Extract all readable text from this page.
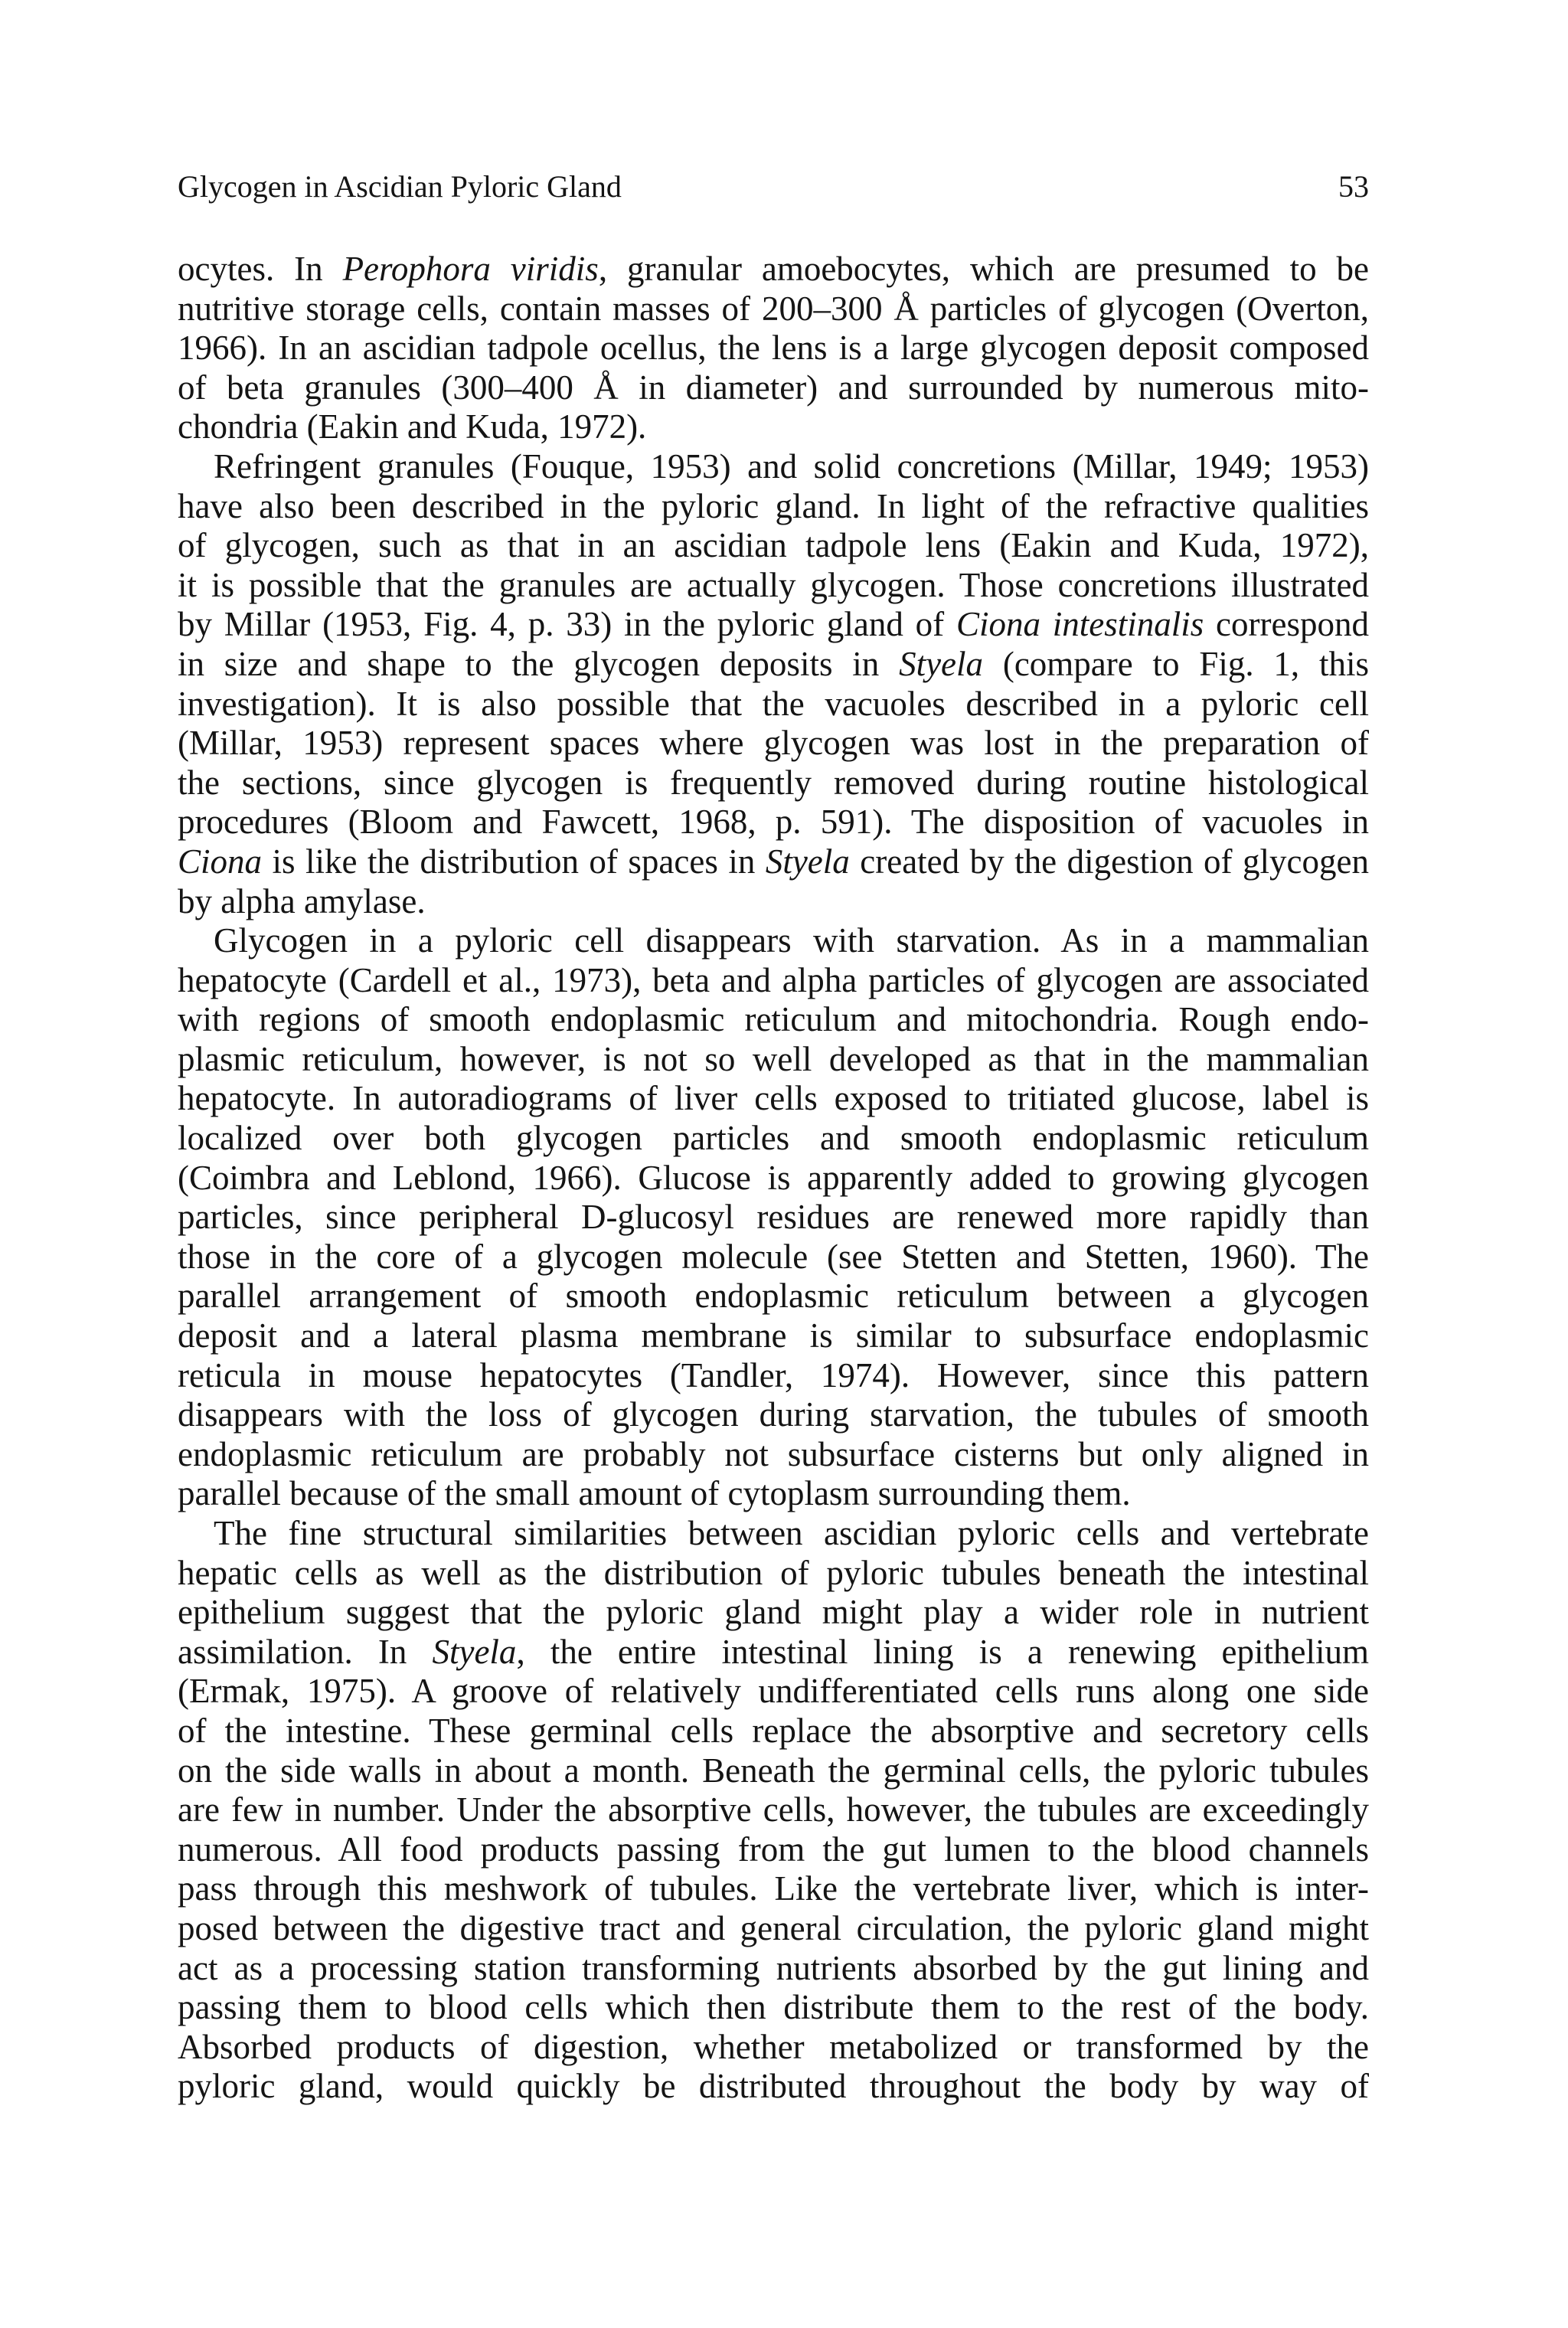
Glycogen in Ascidian Pyloric Gland	53
ocytes. In Perophora viridis, granular amoebocytes, which are presumed to be
nutritive storage cells, contain masses of 200–300 Å particles of glycogen (Overton,
1966). In an ascidian tadpole ocellus, the lens is a large glycogen deposit composed
of beta granules (300–400 Å in diameter) and surrounded by numerous mito-
chondria (Eakin and Kuda, 1972).
Refringent granules (Fouque, 1953) and solid concretions (Millar, 1949; 1953)
have also been described in the pyloric gland. In light of the refractive qualities
of glycogen, such as that in an ascidian tadpole lens (Eakin and Kuda, 1972),
it is possible that the granules are actually glycogen. Those concretions illustrated
by Millar (1953, Fig. 4, p. 33) in the pyloric gland of Ciona intestinalis correspond
in size and shape to the glycogen deposits in Styela (compare to Fig. 1, this
investigation). It is also possible that the vacuoles described in a pyloric cell
(Millar, 1953) represent spaces where glycogen was lost in the preparation of
the sections, since glycogen is frequently removed during routine histological
procedures (Bloom and Fawcett, 1968, p. 591). The disposition of vacuoles in
Ciona is like the distribution of spaces in Styela created by the digestion of glycogen
by alpha amylase.
Glycogen in a pyloric cell disappears with starvation. As in a mammalian
hepatocyte (Cardell et al., 1973), beta and alpha particles of glycogen are associated
with regions of smooth endoplasmic reticulum and mitochondria. Rough endo-
plasmic reticulum, however, is not so well developed as that in the mammalian
hepatocyte. In autoradiograms of liver cells exposed to tritiated glucose, label is
localized over both glycogen particles and smooth endoplasmic reticulum
(Coimbra and Leblond, 1966). Glucose is apparently added to growing glycogen
particles, since peripheral D-glucosyl residues are renewed more rapidly than
those in the core of a glycogen molecule (see Stetten and Stetten, 1960). The
parallel arrangement of smooth endoplasmic reticulum between a glycogen
deposit and a lateral plasma membrane is similar to subsurface endoplasmic
reticula in mouse hepatocytes (Tandler, 1974). However, since this pattern
disappears with the loss of glycogen during starvation, the tubules of smooth
endoplasmic reticulum are probably not subsurface cisterns but only aligned in
parallel because of the small amount of cytoplasm surrounding them.
The fine structural similarities between ascidian pyloric cells and vertebrate
hepatic cells as well as the distribution of pyloric tubules beneath the intestinal
epithelium suggest that the pyloric gland might play a wider role in nutrient
assimilation. In Styela, the entire intestinal lining is a renewing epithelium
(Ermak, 1975). A groove of relatively undifferentiated cells runs along one side
of the intestine. These germinal cells replace the absorptive and secretory cells
on the side walls in about a month. Beneath the germinal cells, the pyloric tubules
are few in number. Under the absorptive cells, however, the tubules are exceedingly
numerous. All food products passing from the gut lumen to the blood channels
pass through this meshwork of tubules. Like the vertebrate liver, which is inter-
posed between the digestive tract and general circulation, the pyloric gland might
act as a processing station transforming nutrients absorbed by the gut lining and
passing them to blood cells which then distribute them to the rest of the body.
Absorbed products of digestion, whether metabolized or transformed by the
pyloric gland, would quickly be distributed throughout the body by way of
